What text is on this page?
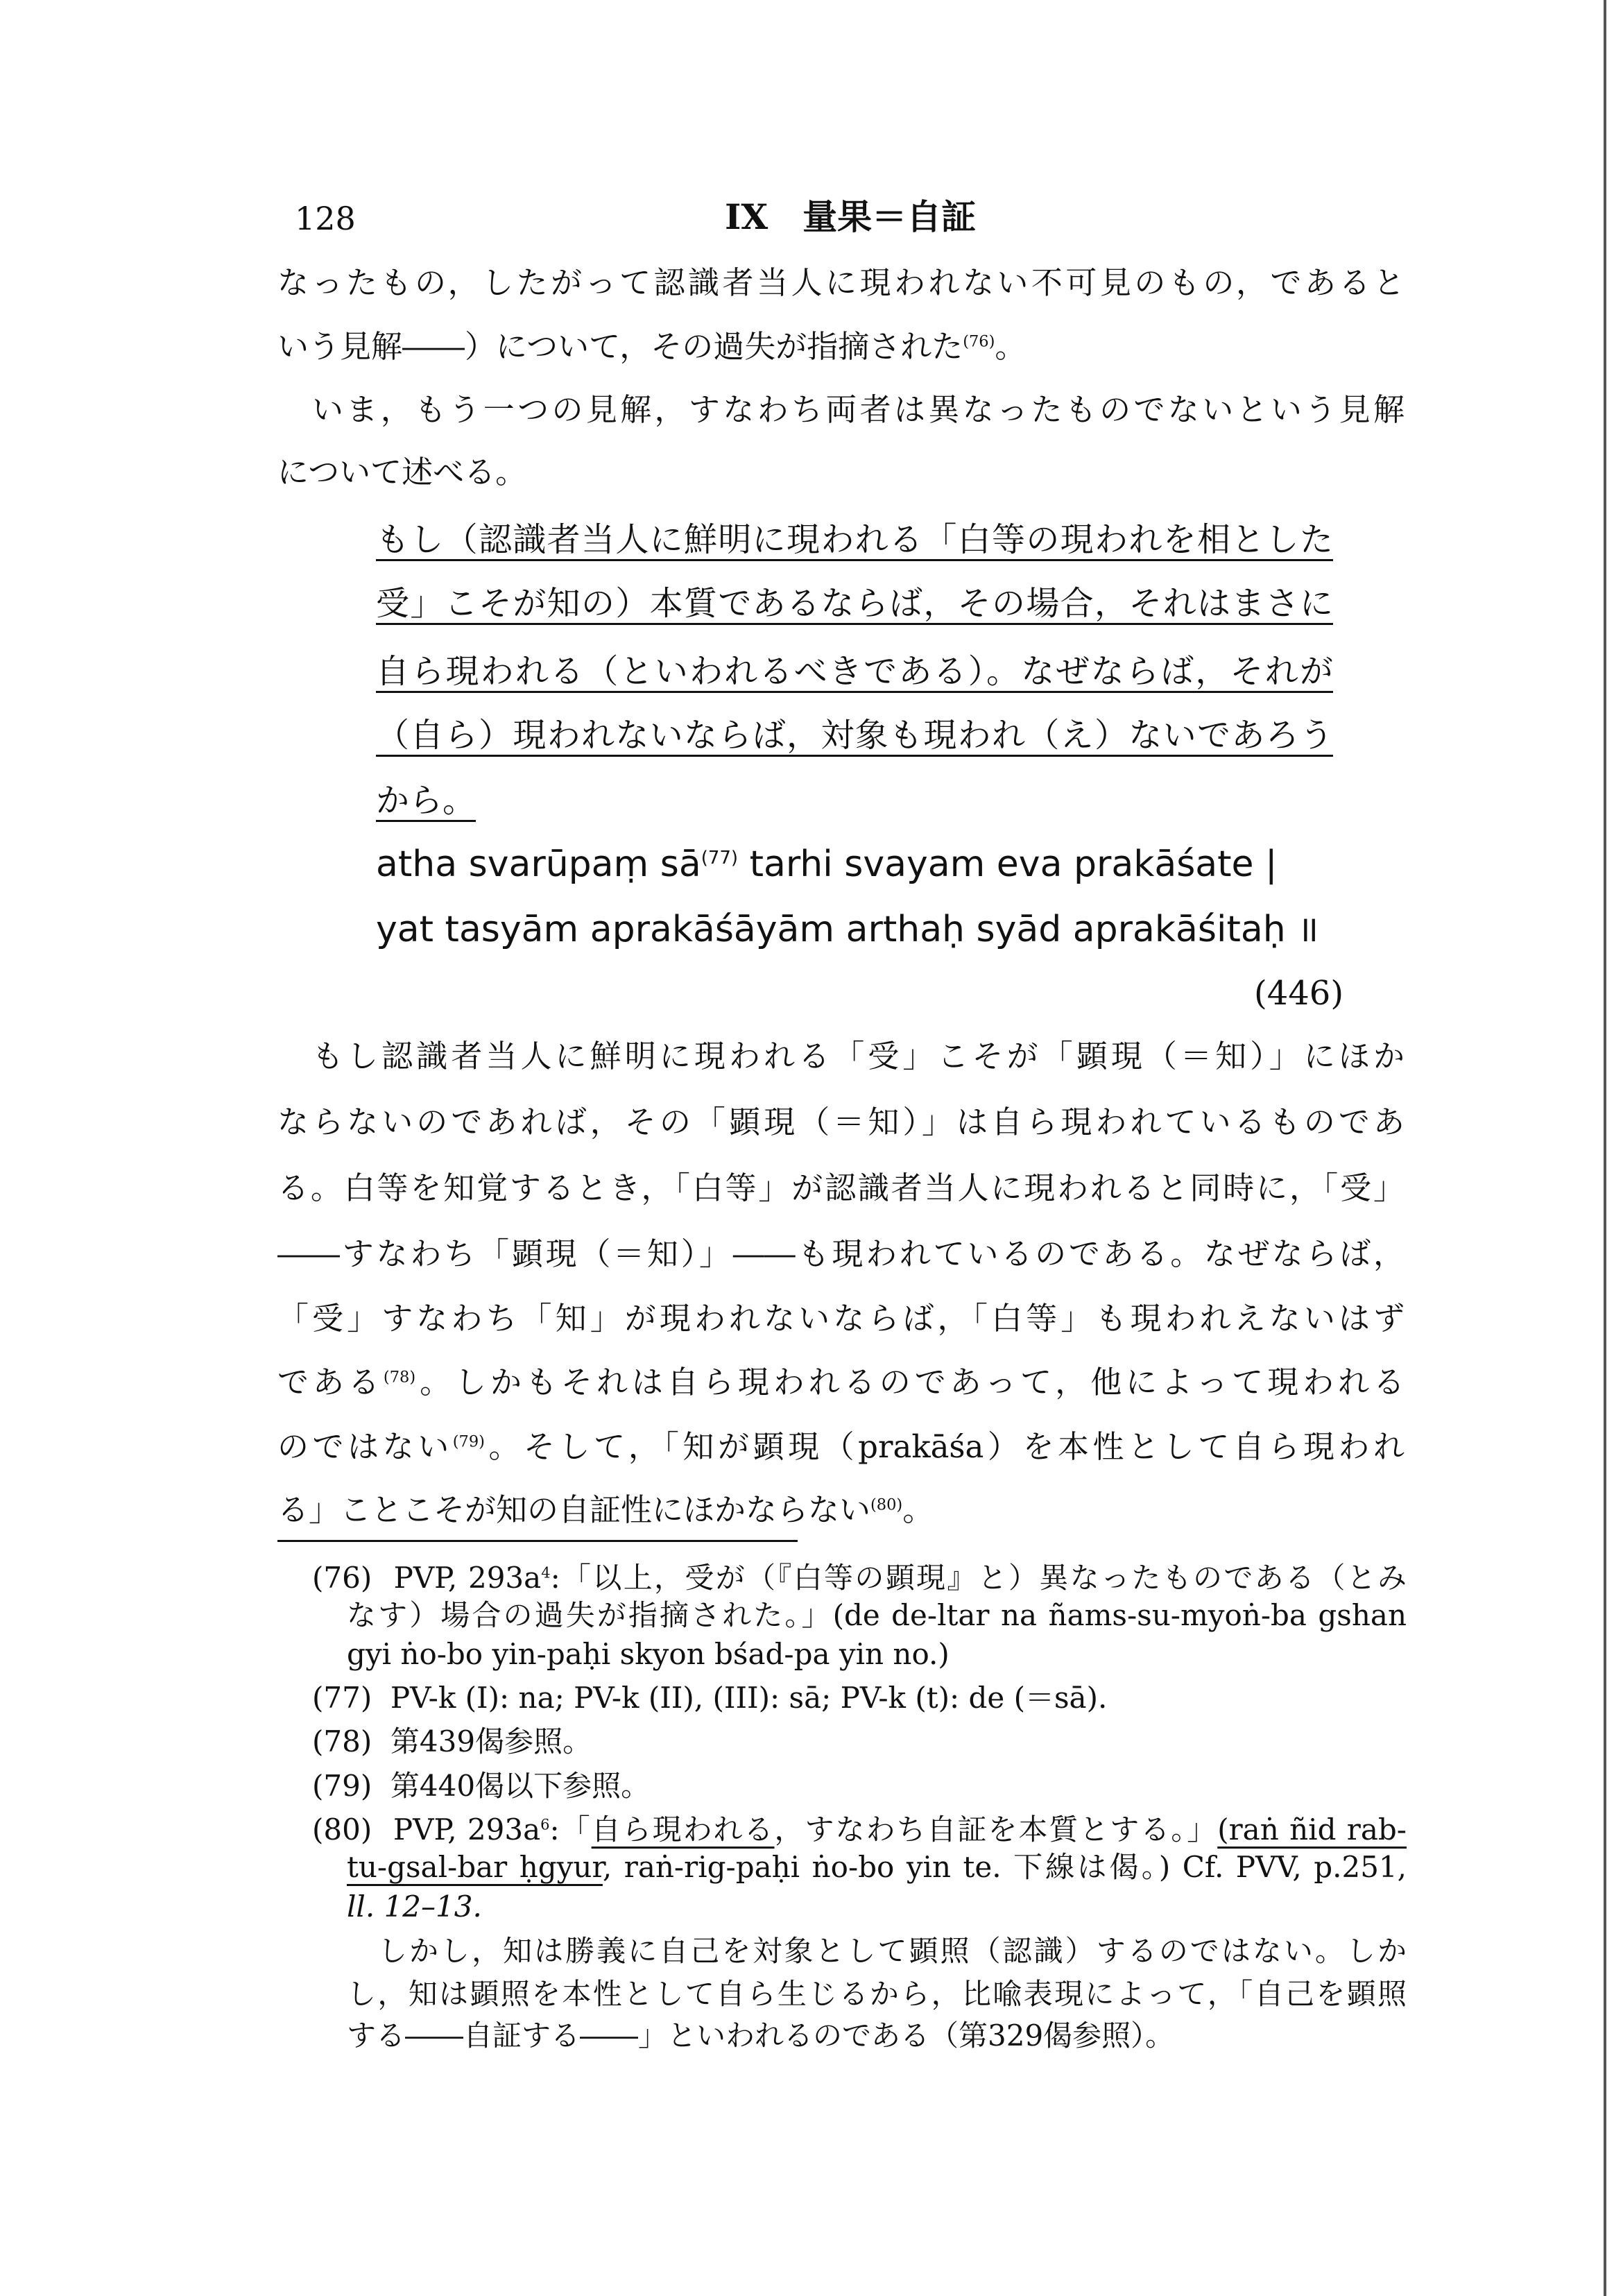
128	IX　量果＝自証
なったもの，したがって認識者当人に現われない不可見のもの，であると
いう見解――）について，その過失が指摘された$^{(76)}$。
いま，もう一つの見解，すなわち両者は異なったものでないという見解
について述べる。
もし（認識者当人に鮮明に現われる「白等の現われを相とした
受」こそが知の）本質であるならば，その場合，それはまさに
自ら現われる（といわれるべきである）。なぜならば，それが
（自ら）現われないならば，対象も現われ（え）ないであろう
から。
atha svarūpaṃ $sā^{(77)}$ tarhi svayam eva prakāśate |
yat tasyām aprakāśāyām arthaḥ syād aprakāśitaḥ ॥
(446)
もし認識者当人に鮮明に現われる「受」こそが「顕現（＝知）」にほか
ならないのであれば，その「顕現（＝知）」は自ら現われているものであ
る。白等を知覚するとき，「白等」が認識者当人に現われると同時に，「受」
――すなわち「顕現（＝知）」――も現われているのである。なぜならば，
「受」すなわち「知」が現われないならば，「白等」も現われえないはず
である$^{(78)}$。しかもそれは自ら現われるのであって，他によって現われる
のではない$^{(79)}$。そして，「知が顕現（prakāśa）を本性として自ら現われ
る」ことこそが知の自証性にほかならない$^{(80)}$。
(76) PVP, $293a^4$:「以上，受が（『白等の顕現』と）異なったものである（とみ
なす）場合の過失が指摘された。」(de de-ltar na ñams-su-myoṅ-ba gshan
gyi ṅo-bo yin-paḥi skyon bśad-pa yin no.)
(77) PV-k (I): na; PV-k (II), (III): sā; PV-k (t): de (＝sā).
(78) 第439偈参照。
(79) 第440偈以下参照。
(80) PVP, $293a^6$:「自ら現われる，すなわち自証を本質とする。」(raṅ ñid rab-
tu-gsal-bar ḥgyur, raṅ-rig-paḥi ṅo-bo yin te. 下線は偈。) Cf. PVV, p.251,
ll. 12–13.
しかし，知は勝義に自己を対象として顕照（認識）するのではない。しか
し，知は顕照を本性として自ら生じるから，比喩表現によって，「自己を顕照
する――自証する――」といわれるのである（第329偈参照）。
